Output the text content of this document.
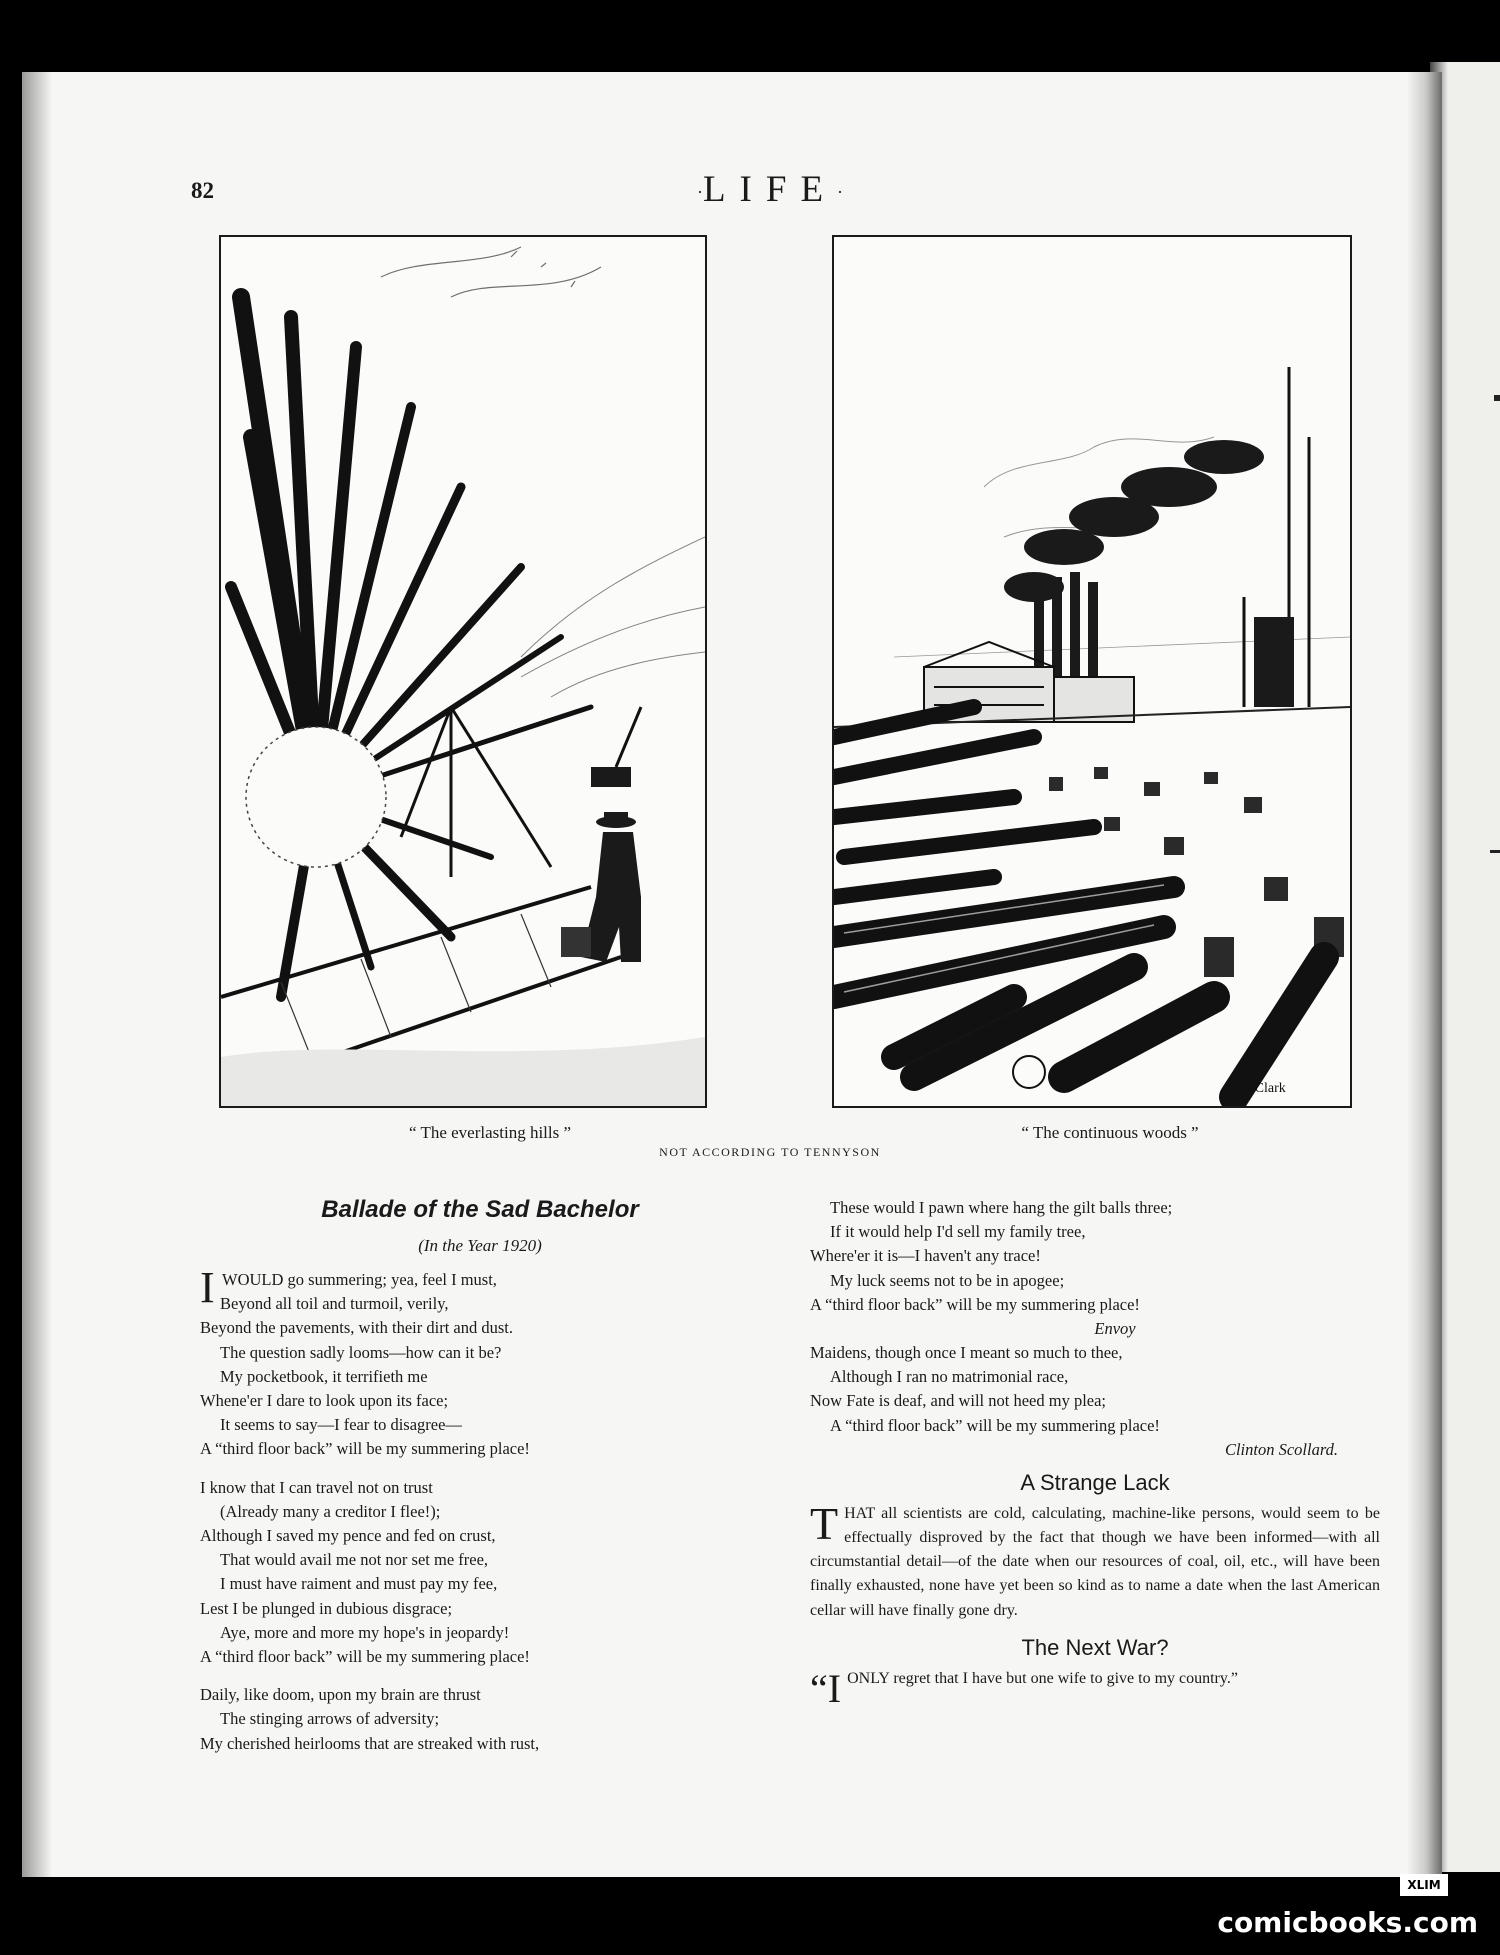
82	·LIFE·
E.N.Clark
“ The everlasting hills ”	“ The continuous woods ”
NOT ACCORDING TO TENNYSON
Ballade of the Sad Bachelor
(In the Year 1920)
I WOULD go summering; yea, feel I must,
Beyond all toil and turmoil, verily,
Beyond the pavements, with their dirt and dust.
The question sadly looms—how can it be?
My pocketbook, it terrifieth me
Whene'er I dare to look upon its face;
It seems to say—I fear to disagree—
A “third floor back” will be my summering place!
I know that I can travel not on trust
(Already many a creditor I flee!);
Although I saved my pence and fed on crust,
That would avail me not nor set me free,
I must have raiment and must pay my fee,
Lest I be plunged in dubious disgrace;
Aye, more and more my hope's in jeopardy!
A “third floor back” will be my summering place!
Daily, like doom, upon my brain are thrust
The stinging arrows of adversity;
My cherished heirlooms that are streaked with rust,
These would I pawn where hang the gilt balls three;
If it would help I'd sell my family tree,
Where'er it is—I haven't any trace!
My luck seems not to be in apogee;
A “third floor back” will be my summering place!
Envoy
Maidens, though once I meant so much to thee,
Although I ran no matrimonial race,
Now Fate is deaf, and will not heed my plea;
A “third floor back” will be my summering place!
Clinton Scollard.
A Strange Lack
THAT all scientists are cold, calculating, machine-like persons, would seem to be effectually disproved by the fact that though we have been informed—with all circumstantial detail—of the date when our resources of coal, oil, etc., will have been finally exhausted, none have yet been so kind as to name a date when the last American cellar will have finally gone dry.
The Next War?
“IONLY regret that I have but one wife to give to my country.”
XLIM
comicbooks.com
